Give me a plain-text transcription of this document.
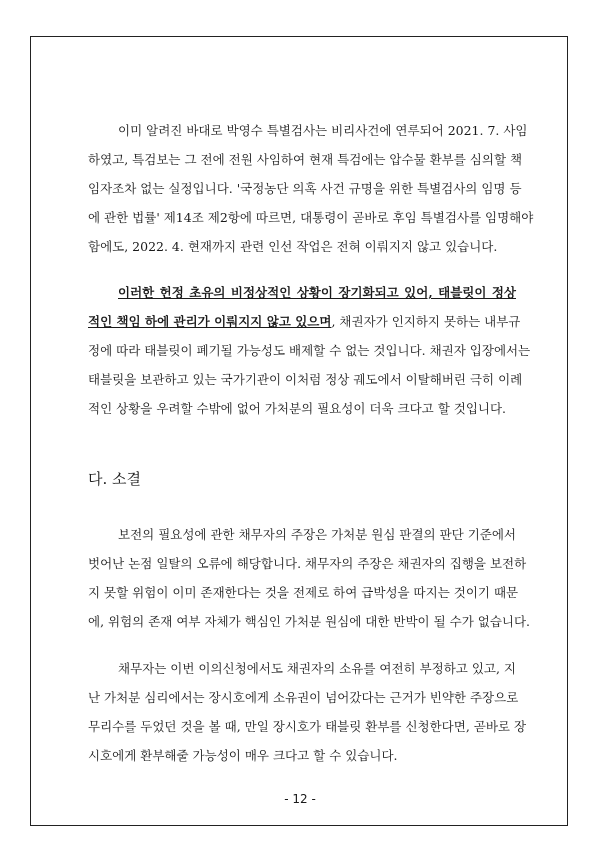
이미 알려진 바대로 박영수 특별검사는 비리사건에 연루되어 2021. 7. 사임
하였고, 특검보는 그 전에 전원 사임하여 현재 특검에는 압수물 환부를 심의할 책
임자조차 없는 실정입니다. '국정농단 의혹 사건 규명을 위한 특별검사의 임명 등
에 관한 법률' 제14조 제2항에 따르면, 대통령이 곧바로 후임 특별검사를 임명해야
함에도, 2022. 4. 현재까지 관련 인선 작업은 전혀 이뤄지지 않고 있습니다.
이러한 헌정 초유의 비정상적인 상황이 장기화되고 있어, 태블릿이 정상
적인 책임 하에 관리가 이뤄지지 않고 있으며, 채권자가 인지하지 못하는 내부규
정에 따라 태블릿이 폐기될 가능성도 배제할 수 없는 것입니다. 채권자 입장에서는
태블릿을 보관하고 있는 국가기관이 이처럼 정상 궤도에서 이탈해버린 극히 이례
적인 상황을 우려할 수밖에 없어 가처분의 필요성이 더욱 크다고 할 것입니다.
다. 소결
보전의 필요성에 관한 채무자의 주장은 가처분 원심 판결의 판단 기준에서
벗어난 논점 일탈의 오류에 해당합니다. 채무자의 주장은 채권자의 집행을 보전하
지 못할 위험이 이미 존재한다는 것을 전제로 하여 급박성을 따지는 것이기 때문
에, 위험의 존재 여부 자체가 핵심인 가처분 원심에 대한 반박이 될 수가 없습니다.
채무자는 이번 이의신청에서도 채권자의 소유를 여전히 부정하고 있고, 지
난 가처분 심리에서는 장시호에게 소유권이 넘어갔다는 근거가 빈약한 주장으로
무리수를 두었던 것을 볼 때, 만일 장시호가 태블릿 환부를 신청한다면, 곧바로 장
시호에게 환부해줄 가능성이 매우 크다고 할 수 있습니다.
- 12 -
